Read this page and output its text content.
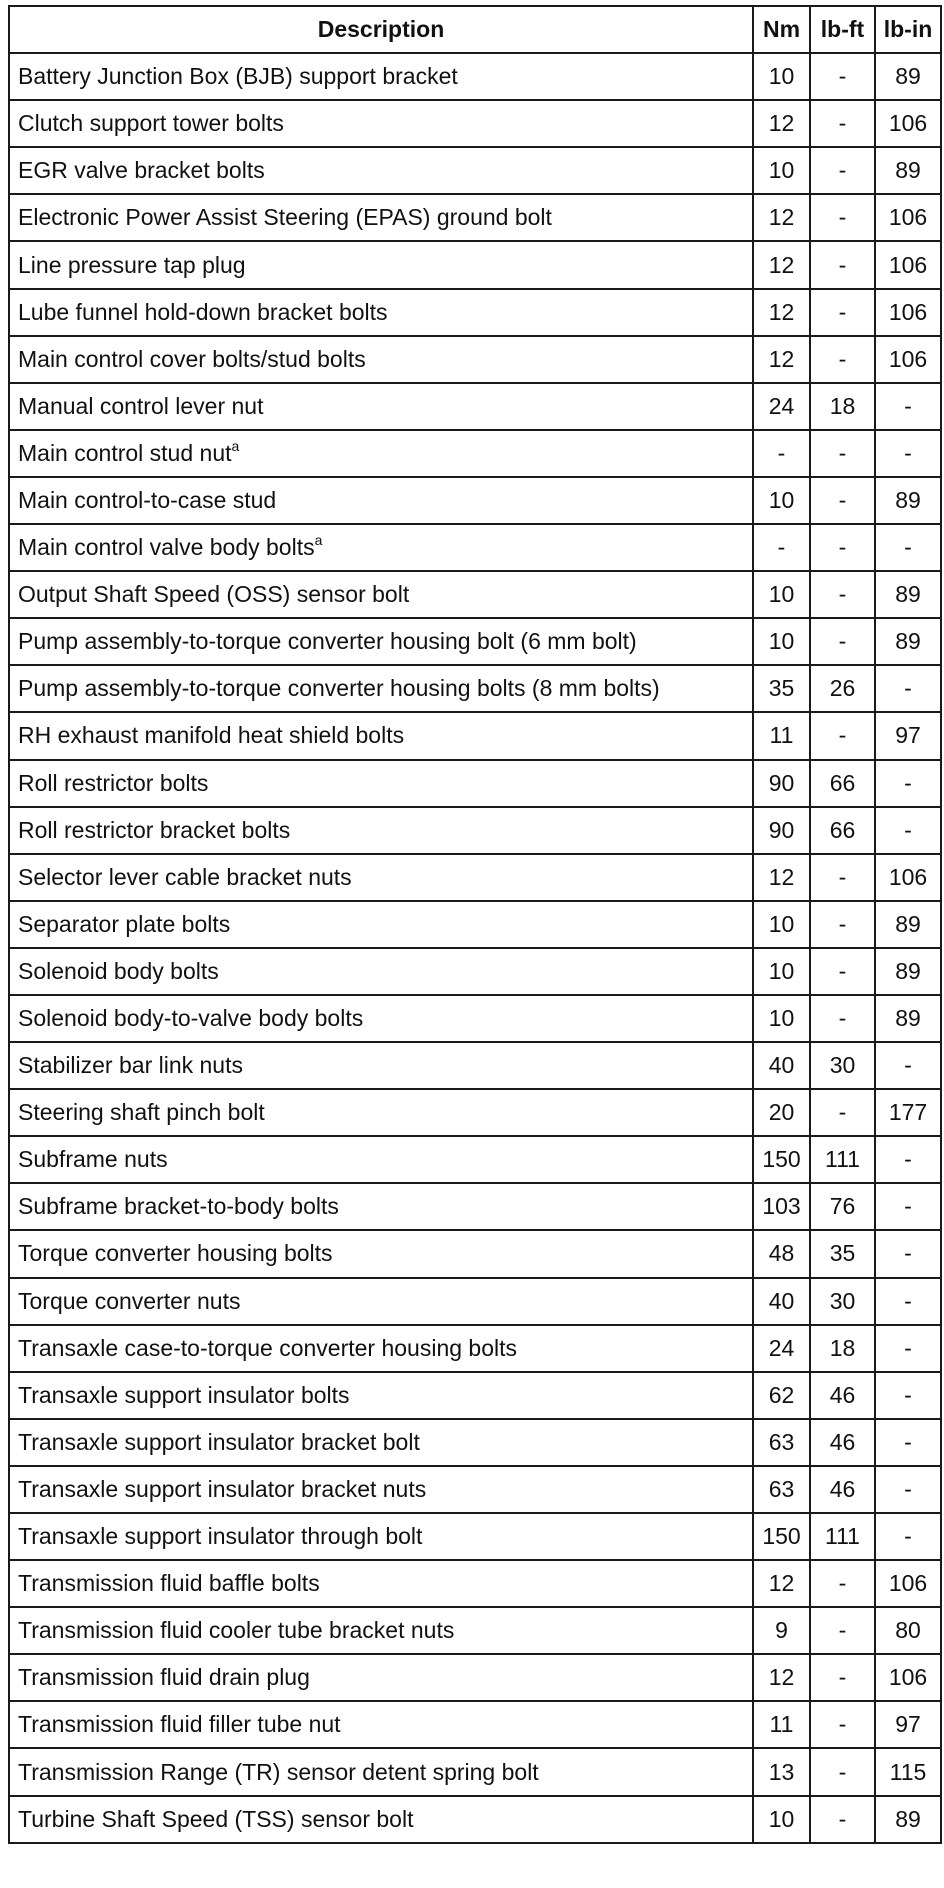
Description	Nm	lb-ft	lb-in
Battery Junction Box (BJB) support bracket	10	-	89
Clutch support tower bolts	12	-	106
EGR valve bracket bolts	10	-	89
Electronic Power Assist Steering (EPAS) ground bolt	12	-	106
Line pressure tap plug	12	-	106
Lube funnel hold-down bracket bolts	12	-	106
Main control cover bolts/stud bolts	12	-	106
Manual control lever nut	24	18	-
Main control stud nut$^a$	-	-	-
Main control-to-case stud	10	-	89
Main control valve body bolts$^a$	-	-	-
Output Shaft Speed (OSS) sensor bolt	10	-	89
Pump assembly-to-torque converter housing bolt (6 mm bolt)	10	-	89
Pump assembly-to-torque converter housing bolts (8 mm bolts)	35	26	-
RH exhaust manifold heat shield bolts	11	-	97
Roll restrictor bolts	90	66	-
Roll restrictor bracket bolts	90	66	-
Selector lever cable bracket nuts	12	-	106
Separator plate bolts	10	-	89
Solenoid body bolts	10	-	89
Solenoid body-to-valve body bolts	10	-	89
Stabilizer bar link nuts	40	30	-
Steering shaft pinch bolt	20	-	177
Subframe nuts	150	111	-
Subframe bracket-to-body bolts	103	76	-
Torque converter housing bolts	48	35	-
Torque converter nuts	40	30	-
Transaxle case-to-torque converter housing bolts	24	18	-
Transaxle support insulator bolts	62	46	-
Transaxle support insulator bracket bolt	63	46	-
Transaxle support insulator bracket nuts	63	46	-
Transaxle support insulator through bolt	150	111	-
Transmission fluid baffle bolts	12	-	106
Transmission fluid cooler tube bracket nuts	9	-	80
Transmission fluid drain plug	12	-	106
Transmission fluid filler tube nut	11	-	97
Transmission Range (TR) sensor detent spring bolt	13	-	115
Turbine Shaft Speed (TSS) sensor bolt	10	-	89
